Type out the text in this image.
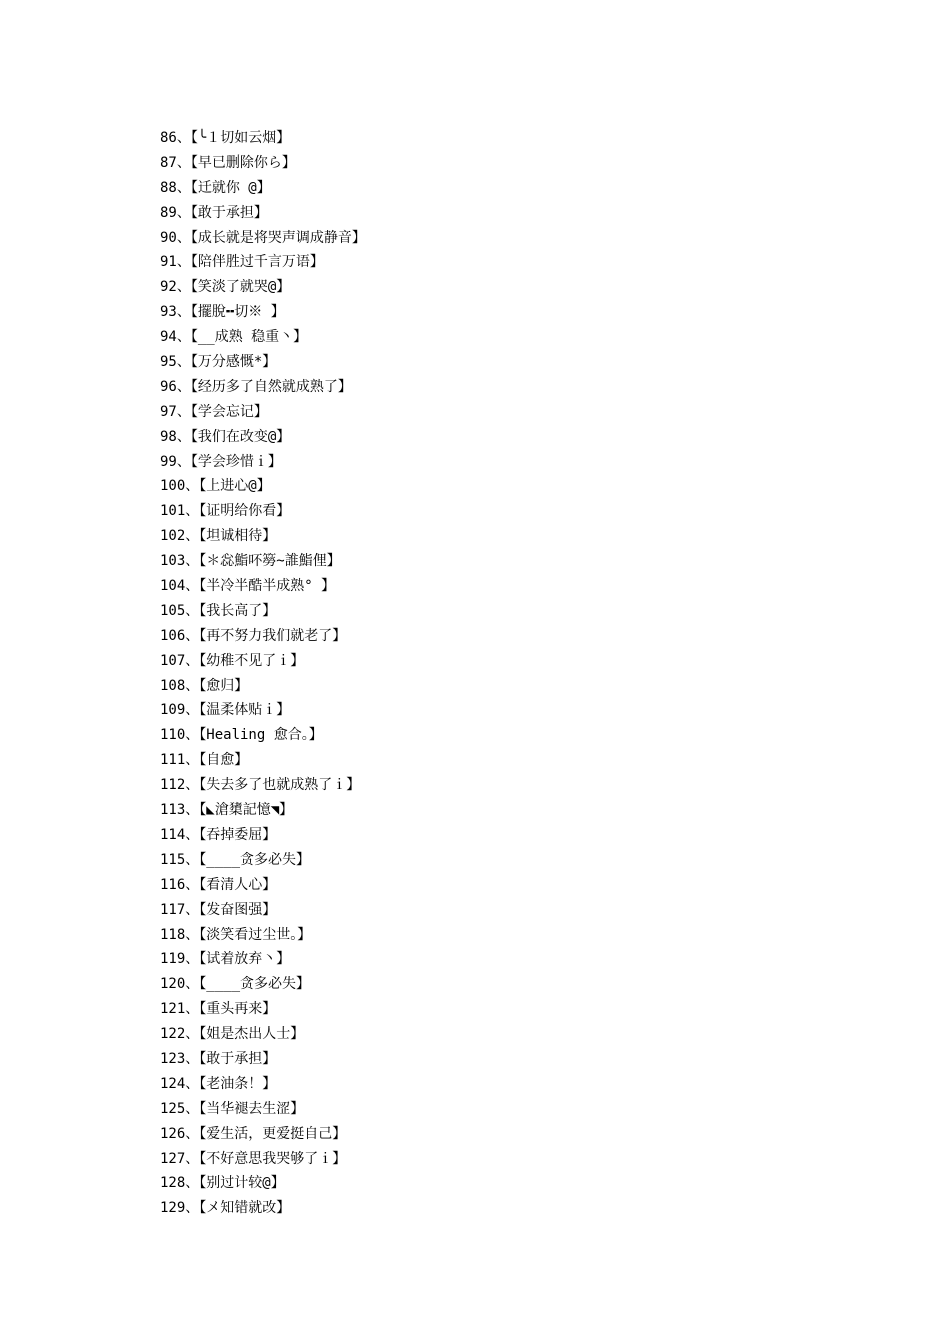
86、【╰１切如云烟】
87、【早已删除你ら】
88、【迁就你 @】
89、【敢于承担】
90、【成长就是将哭声调成静音】
91、【陪伴胜过千言万语】
92、【笑淡了就哭@】
93、【擺脫╍切※ 】
94、【__成熟 稳重丶】
95、【万分感慨*】
96、【经历多了自然就成熟了】
97、【学会忘记】
98、【我们在改变@】
99、【学会珍惜ｉ】
100、【上进心@】
101、【证明给你看】
102、【坦诚相待】
103、【＊惢鮨吥簩~誰鮨俚】
104、【半冷半酷半成熟° 】
105、【我长高了】
106、【再不努力我们就老了】
107、【幼稚不见了ｉ】
108、【愈归】
109、【温柔体贴ｉ】
110、【Healing 愈合。】
111、【自愈】
112、【失去多了也就成熟了ｉ】
113、【◣滄橥記憶◥】
114、【吞掉委屈】
115、【____贪多必失】
116、【看清人心】
117、【发奋图强】
118、【淡笑看过尘世。】
119、【试着放弃丶】
120、【____贪多必失】
121、【重头再来】
122、【姐是杰出人士】
123、【敢于承担】
124、【老油条！】
125、【当华褪去生涩】
126、【爱生活，更爱挺自己】
127、【不好意思我哭够了ｉ】
128、【别过计较@】
129、【メ知错就改】
